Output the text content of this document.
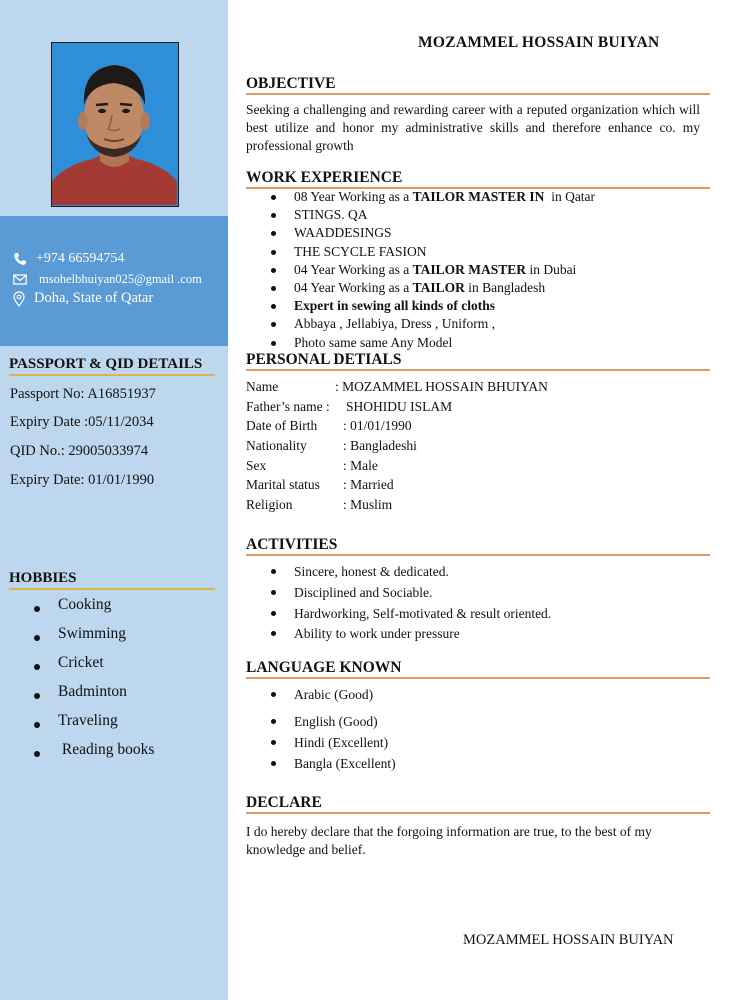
+974 66594754
msohelbhuiyan025@gmail .com
Doha, State of Qatar
PASSPORT & QID DETAILS
Passport No: A16851937
Expiry Date :05/11/2034
QID No.: 29005033974
Expiry Date: 01/01/1990
HOBBIES
Cooking
Swimming
Cricket
Badminton
Traveling
Reading books
MOZAMMEL HOSSAIN BUIYAN
OBJECTIVE
Seeking a challenging and rewarding career with a reputed organization which will best utilize and honor my administrative skills and therefore enhance co. my professional growth
WORK EXPERIENCE
08 Year Working as a TAILOR MASTER IN  in Qatar
STINGS. QA
WAADDESINGS
THE SCYCLE FASION
04 Year Working as a TAILOR MASTER in Dubai
04 Year Working as a TAILOR in Bangladesh
Expert in sewing all kinds of cloths
Abbaya , Jellabiya, Dress , Uniform ,
Photo same same Any Model
PERSONAL DETIALS
Name	: MOZAMMEL HOSSAIN BHUIYAN
Father’s name : SHOHIDU ISLAM
Date of Birth : 01/01/1990
Nationality	: Bangladeshi
Sex	: Male
Marital status : Married
Religion	: Muslim
ACTIVITIES
Sincere, honest & dedicated.
Disciplined and Sociable.
Hardworking, Self-motivated & result oriented.
Ability to work under pressure
LANGUAGE KNOWN
Arabic (Good)
English (Good)
Hindi (Excellent)
Bangla (Excellent)
DECLARE
I do hereby declare that the forgoing information are true, to the best of my knowledge and belief.
MOZAMMEL HOSSAIN BUIYAN
